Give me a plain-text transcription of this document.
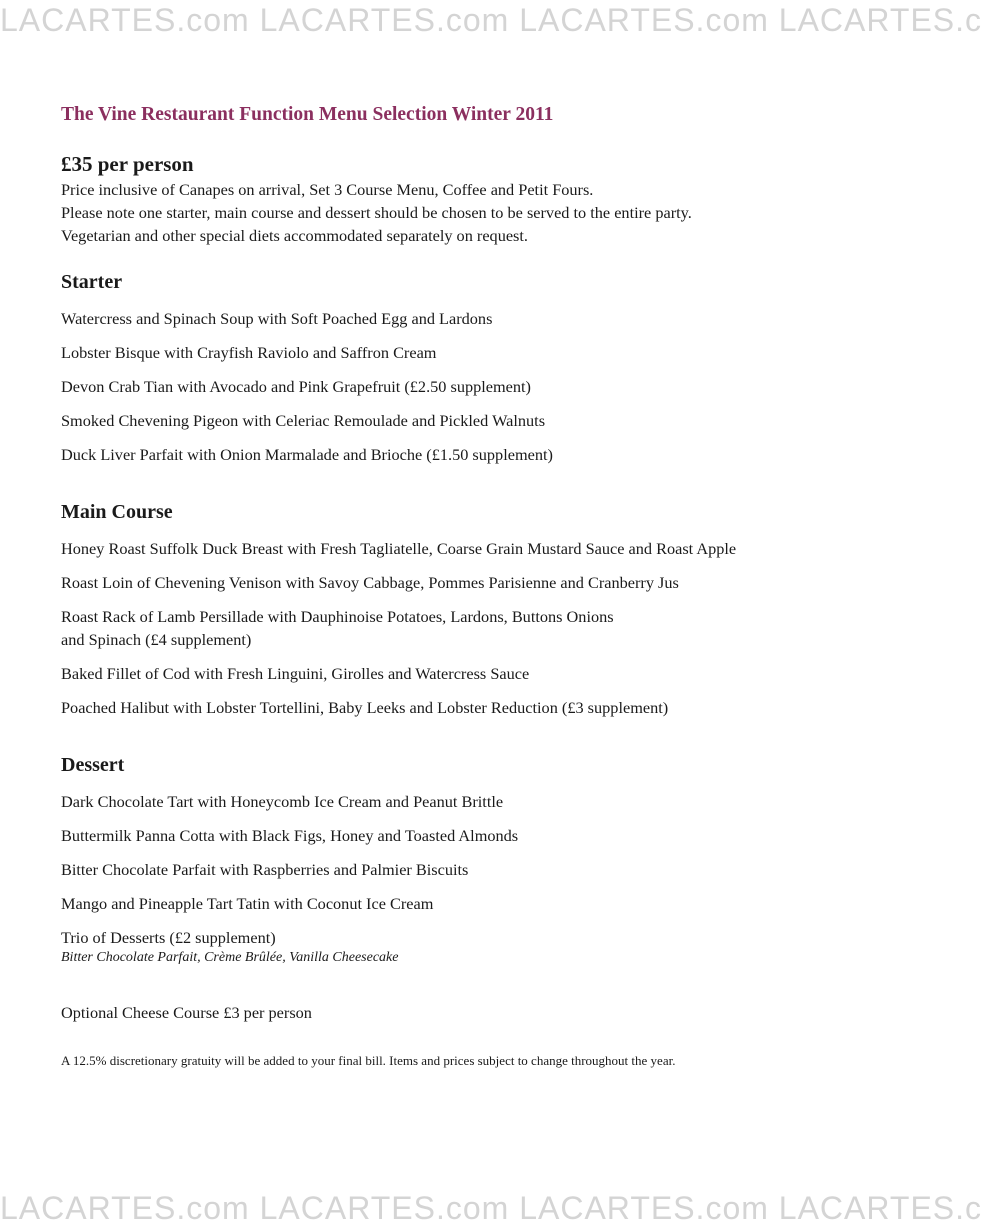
LACARTES.com LACARTES.com LACARTES.com LACARTES.c
The Vine Restaurant Function Menu Selection Winter 2011

£35 per person

Price inclusive of Canapes on arrival, Set 3 Course Menu, Coffee and Petit Fours.

Please note one starter, main course and dessert should be chosen to be served to the entire party.

Vegetarian and other special diets accommodated separately on request.

Starter

Watercress and Spinach Soup with Soft Poached Egg and Lardons

Lobster Bisque with Crayfish Raviolo and Saffron Cream

Devon Crab Tian with Avocado and Pink Grapefruit (£2.50 supplement)

Smoked Chevening Pigeon with Celeriac Remoulade and Pickled Walnuts

Duck Liver Parfait with Onion Marmalade and Brioche (£1.50 supplement)

Main Course

Honey Roast Suffolk Duck Breast with Fresh Tagliatelle, Coarse Grain Mustard Sauce and Roast Apple

Roast Loin of Chevening Venison with Savoy Cabbage, Pommes Parisienne and Cranberry Jus

Roast Rack of Lamb Persillade with Dauphinoise Potatoes, Lardons, Buttons Onions

and Spinach (£4 supplement)

Baked Fillet of Cod with Fresh Linguini, Girolles and Watercress Sauce

Poached Halibut with Lobster Tortellini, Baby Leeks and Lobster Reduction (£3 supplement)

Dessert

Dark Chocolate Tart with Honeycomb Ice Cream and Peanut Brittle

Buttermilk Panna Cotta with Black Figs, Honey and Toasted Almonds

Bitter Chocolate Parfait with Raspberries and Palmier Biscuits

Mango and Pineapple Tart Tatin with Coconut Ice Cream

Trio of Desserts (£2 supplement)

Bitter Chocolate Parfait, Crème Brûlée, Vanilla Cheesecake

Optional Cheese Course £3 per person

A 12.5% discretionary gratuity will be added to your final bill. Items and prices subject to change throughout the year.

LACARTES.com LACARTES.com LACARTES.com LACARTES.c
